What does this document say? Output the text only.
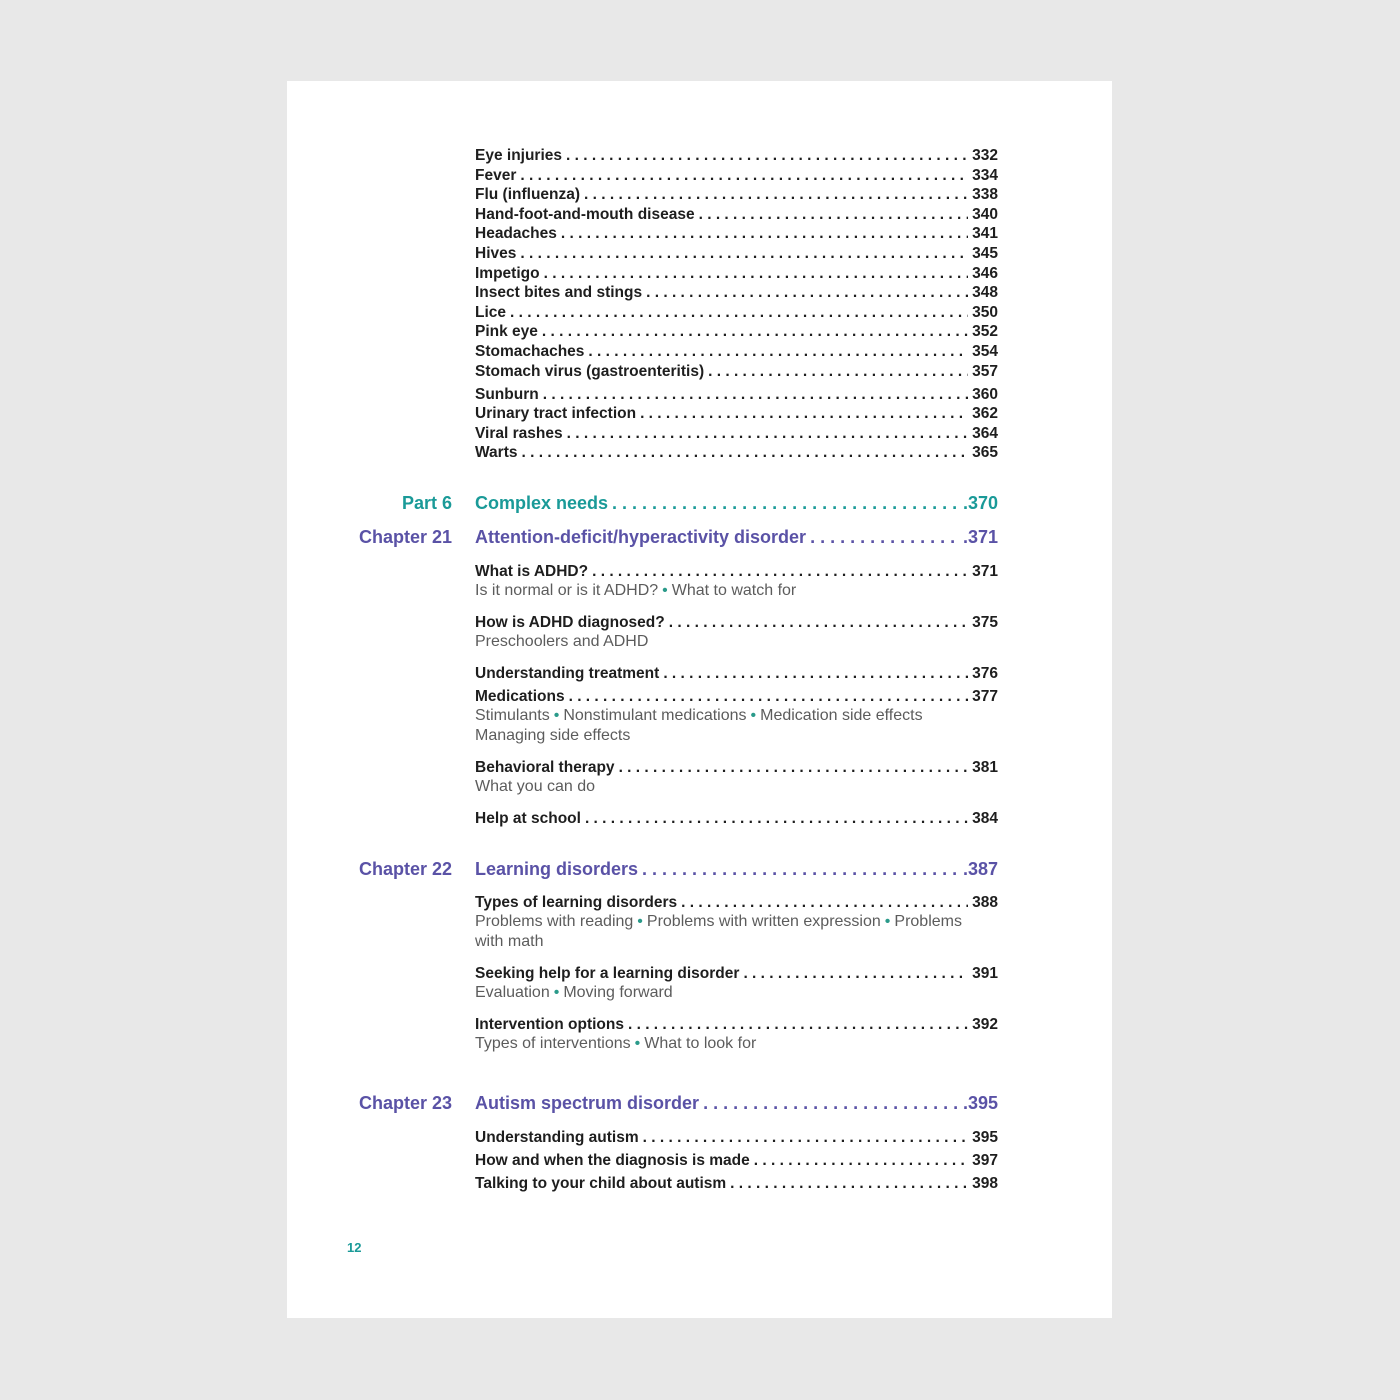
Eye injuries . . .	332
Fever . . .	334
Flu (influenza) . . .	338
Hand-foot-and-mouth disease . . .	340
Headaches . . .	341
Hives . . .	345
Impetigo . . .	346
Insect bites and stings . . .	348
Lice . . .	350
Pink eye . . .	352
Stomachaches . . .	354
Stomach virus (gastroenteritis) . . .	357
Sunburn . . .	360
Urinary tract infection . . .	362
Viral rashes . . .	364
Warts . . .	365
Part 6 Complex needs . . .	.370
Chapter 21 Attention-deficit/hyperactivity disorder . . .	.371
What is ADHD? . . .	371
Is it normal or is it ADHD? • What to watch for
How is ADHD diagnosed? . . .	375
Preschoolers and ADHD
Understanding treatment . . .	376
Medications . . .	377
Stimulants • Nonstimulant medications • Medication side effects
Managing side effects
Behavioral therapy . . .	381
What you can do
Help at school . . .	384
Chapter 22 Learning disorders . . .	.387
Types of learning disorders . . .	388
Problems with reading • Problems with written expression • Problems
with math
Seeking help for a learning disorder . . .	391
Evaluation • Moving forward
Intervention options . . .	392
Types of interventions • What to look for
Chapter 23 Autism spectrum disorder . . .	.395
Understanding autism . . .	395
How and when the diagnosis is made . . .	397
Talking to your child about autism . . .	398
12
